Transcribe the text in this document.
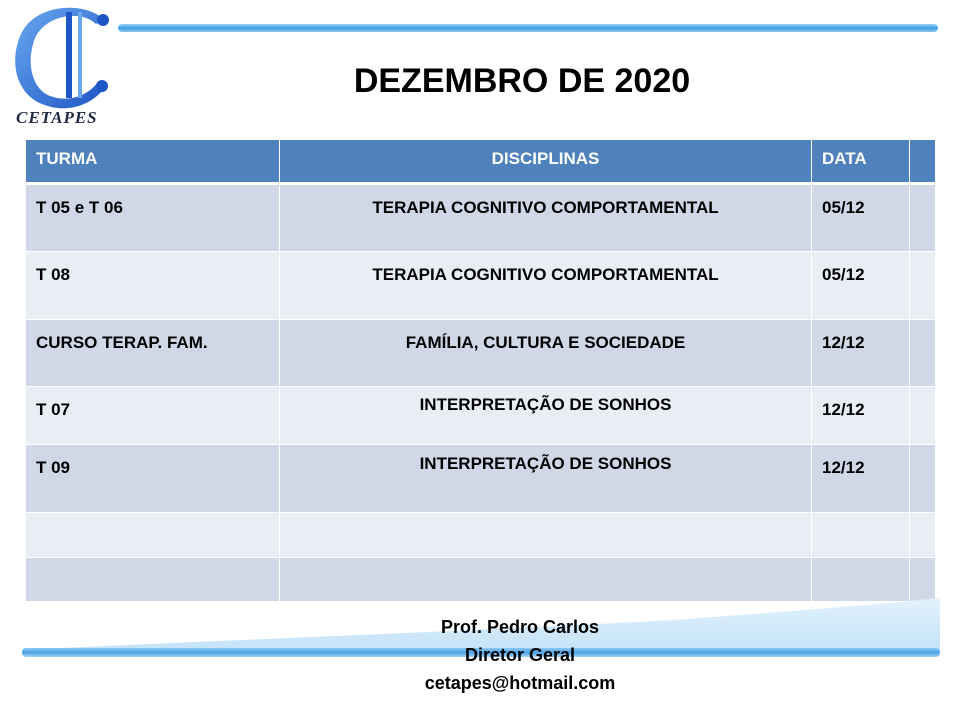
CETAPES
DEZEMBRO DE 2020
TURMA	DISCIPLINAS	DATA	
T 05 e T 06	TERAPIA COGNITIVO COMPORTAMENTAL	05/12	
T 08	TERAPIA COGNITIVO COMPORTAMENTAL	05/12	
CURSO TERAP. FAM.	FAMÍLIA, CULTURA E SOCIEDADE	12/12	
T 07	INTERPRETAÇÃO DE SONHOS	12/12	
T 09	INTERPRETAÇÃO DE SONHOS	12/12	

Prof. Pedro Carlos
Diretor Geral
cetapes@hotmail.com
